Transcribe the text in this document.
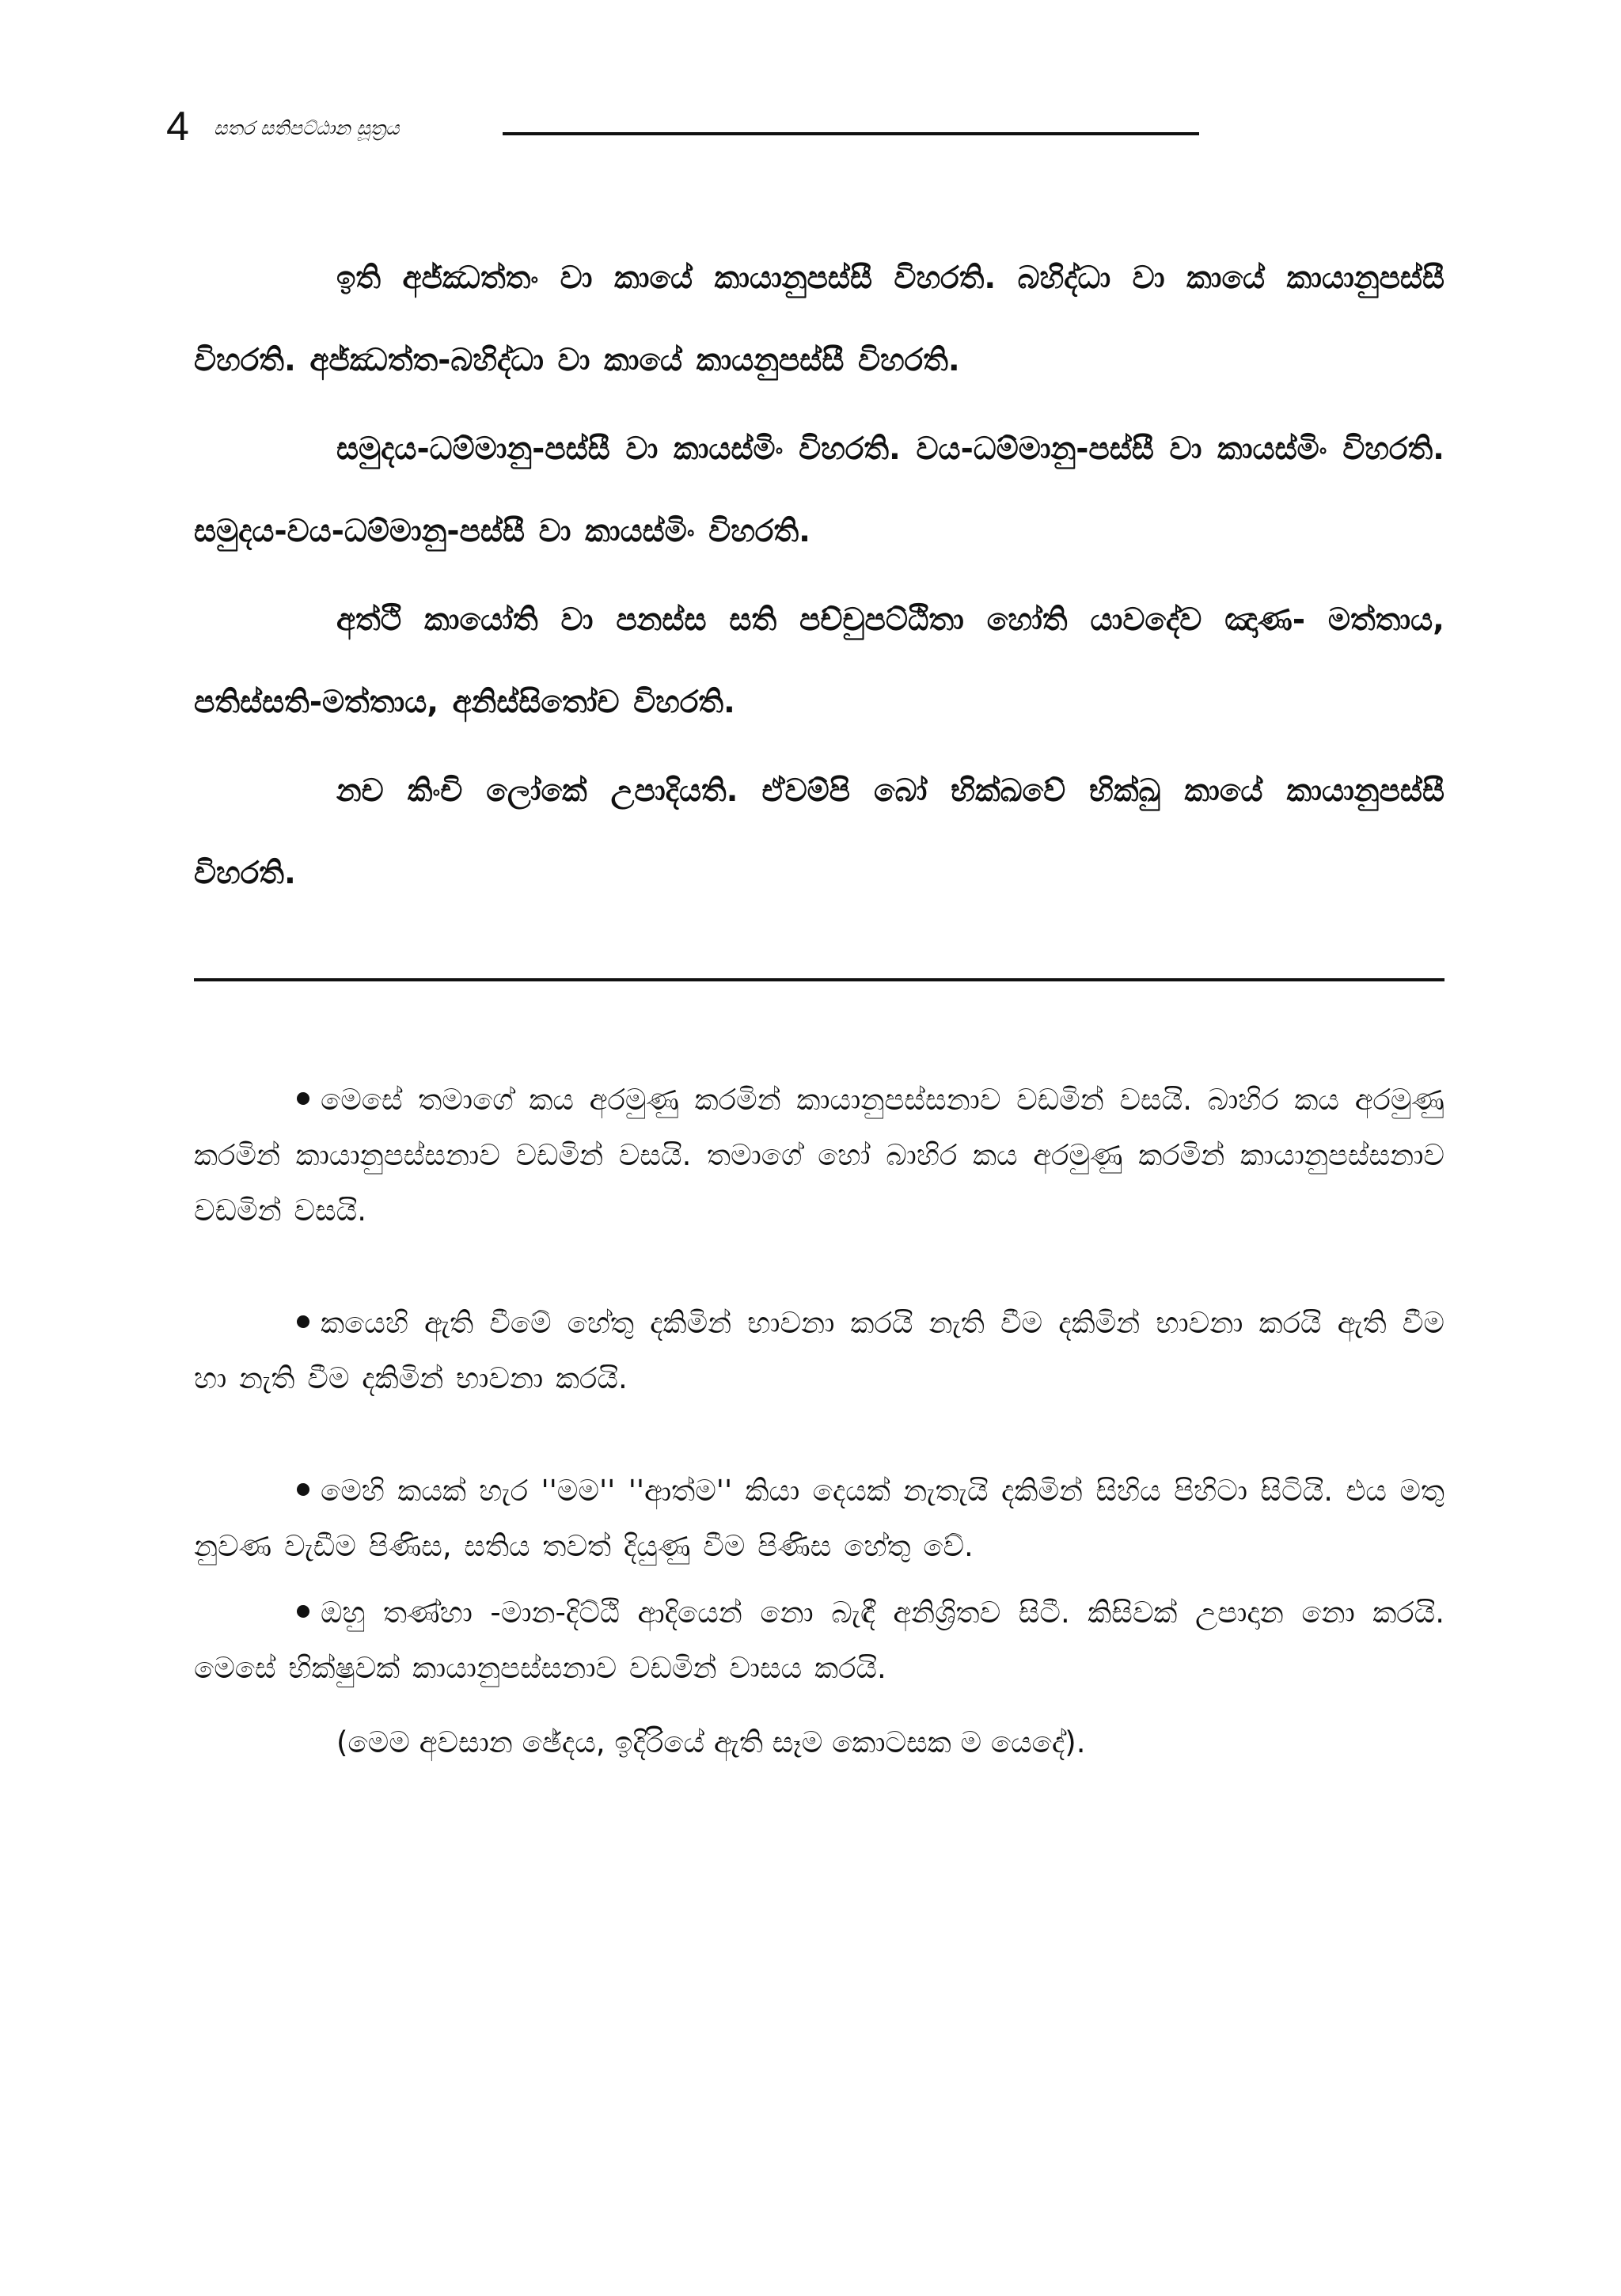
4 සතර සතිපට්ඨාන සූත්‍රය

ඉති අජ්ඣත්තං වා කායේ කායානුපස්සී විහරති. බහිද්ධා වා කායේ කායානුපස්සී විහරති. අජ්ඣත්ත-බහිද්ධා වා කායේ කායනුපස්සී විහරති.

සමුදය-ධම්මානු-පස්සී වා කායස්මිං විහරති. වය-ධම්මානු-පස්සී වා කායස්මිං විහරති. සමුදය-වය-ධම්මානු-පස්සී වා කායස්මිං විහරති.

අත්ථි කායෝති වා පනස්ස සති පච්චුපට්ඨිතා හෝති යාවදේව ඤාණ- මත්තාය, පතිස්සති-මත්තාය, අනිස්සිතෝච විහරති.

නච කිංචි ලෝකේ උපාදියති. ඒවම්පි බෝ භික්ඛවේ භික්ඛු කායේ කායානුපස්සී විහරති.

මෙසේ තමාගේ කය අරමුණු කරමින් කායානුපස්සනාව වඩමින් වසයි. බාහිර කය අරමුණු කරමින් කායානුපස්සනාව වඩමින් වසයි. තමාගේ හෝ බාහිර කය අරමුණු කරමින් කායානුපස්සනාව වඩමින් වසයි.

කයෙහි ඇති වීමේ හේතු දකිමින් භාවනා කරයි නැති වීම දකිමින් භාවනා කරයි ඇති වීම හා නැති වීම දකිමින් භාවනා කරයි.

මෙහි කයක් හැර ''මම'' ''ආත්ම'' කියා දෙයක් නැතැයි දකිමින් සිහිය පිහිටා සිටියි. එය මතු නුවණ වැඩීම පිණිස, සතිය තවත් දියුණු වීම පිණිස හේතු වේ.

ඔහු තණ්හා -මාන-දිට්ඨි ආදියෙන් නො බැඳී අනිශ්‍රිතව සිටී. කිසිවක් උපාදාන නො කරයි. මෙසේ භික්ෂුවක් කායානුපස්සනාව වඩමින් වාසය කරයි.

(මෙම අවසාන ඡේදය, ඉදිරියේ ඇති සෑම කොටසක ම යෙදේ).
